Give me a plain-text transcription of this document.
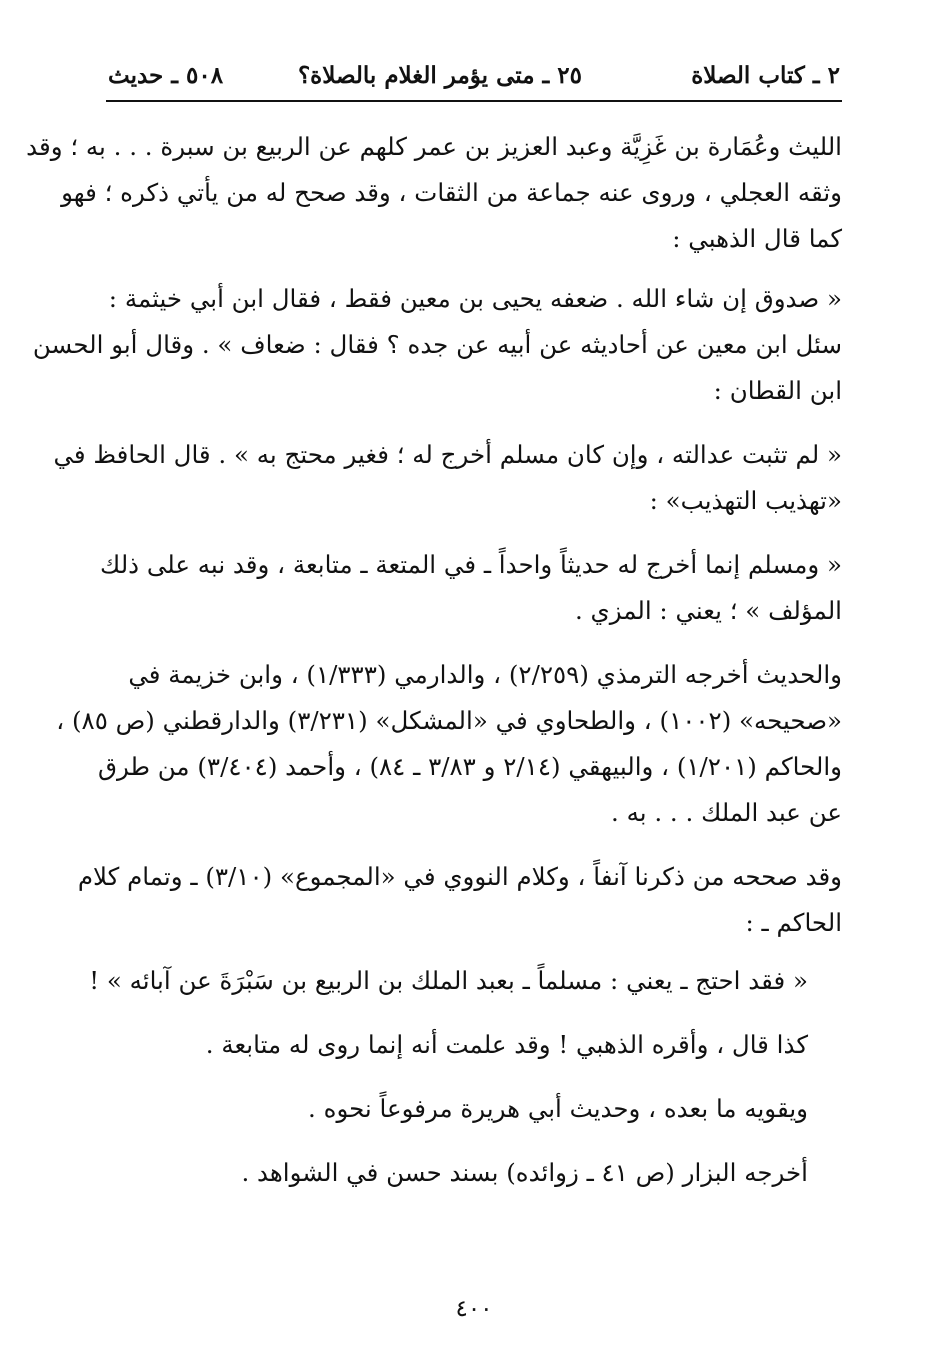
٢ ـ كتاب الصلاة
٢٥ ـ متى يؤمر الغلام بالصلاة؟
٥٠٨ ـ حديث
الليث وعُمَارة بن غَزِيَّة وعبد العزيز بن عمر كلهم عن الربيع بن سبرة . . . به ؛ وقد
وثقه العجلي ، وروى عنه جماعة من الثقات ، وقد صحح له من يأتي ذكره ؛ فهو
كما قال الذهبي :
« صدوق إن شاء الله . ضعفه يحيى بن معين فقط ، فقال ابن أبي خيثمة :
سئل ابن معين عن أحاديثه عن أبيه عن جده ؟ فقال : ضعاف » . وقال أبو الحسن
ابن القطان :
« لم تثبت عدالته ، وإن كان مسلم أخرج له ؛ فغير محتج به » . قال الحافظ في
«تهذيب التهذيب» :
« ومسلم إنما أخرج له حديثاً واحداً ـ في المتعة ـ متابعة ، وقد نبه على ذلك
المؤلف » ؛ يعني : المزي .
والحديث أخرجه الترمذي (٢/٢٥٩) ، والدارمي (١/٣٣٣) ، وابن خزيمة في
«صحيحه» (١٠٠٢) ، والطحاوي في «المشكل» (٣/٢٣١) والدارقطني (ص ٨٥) ،
والحاكم (١/٢٠١) ، والبيهقي (٢/١٤ و ٣/٨٣ ـ ٨٤) ، وأحمد (٣/٤٠٤) من طرق
عن عبد الملك . . . به .
وقد صححه من ذكرنا آنفاً ، وكلام النووي في «المجموع» (٣/١٠) ـ وتمام كلام
الحاكم ـ :
« فقد احتج ـ يعني : مسلماً ـ بعبد الملك بن الربيع بن سَبْرَةَ عن آبائه » !
كذا قال ، وأقره الذهبي ! وقد علمت أنه إنما روى له متابعة .
ويقويه ما بعده ، وحديث أبي هريرة مرفوعاً نحوه .
أخرجه البزار (ص ٤١ ـ زوائده) بسند حسن في الشواهد .
٤٠٠
